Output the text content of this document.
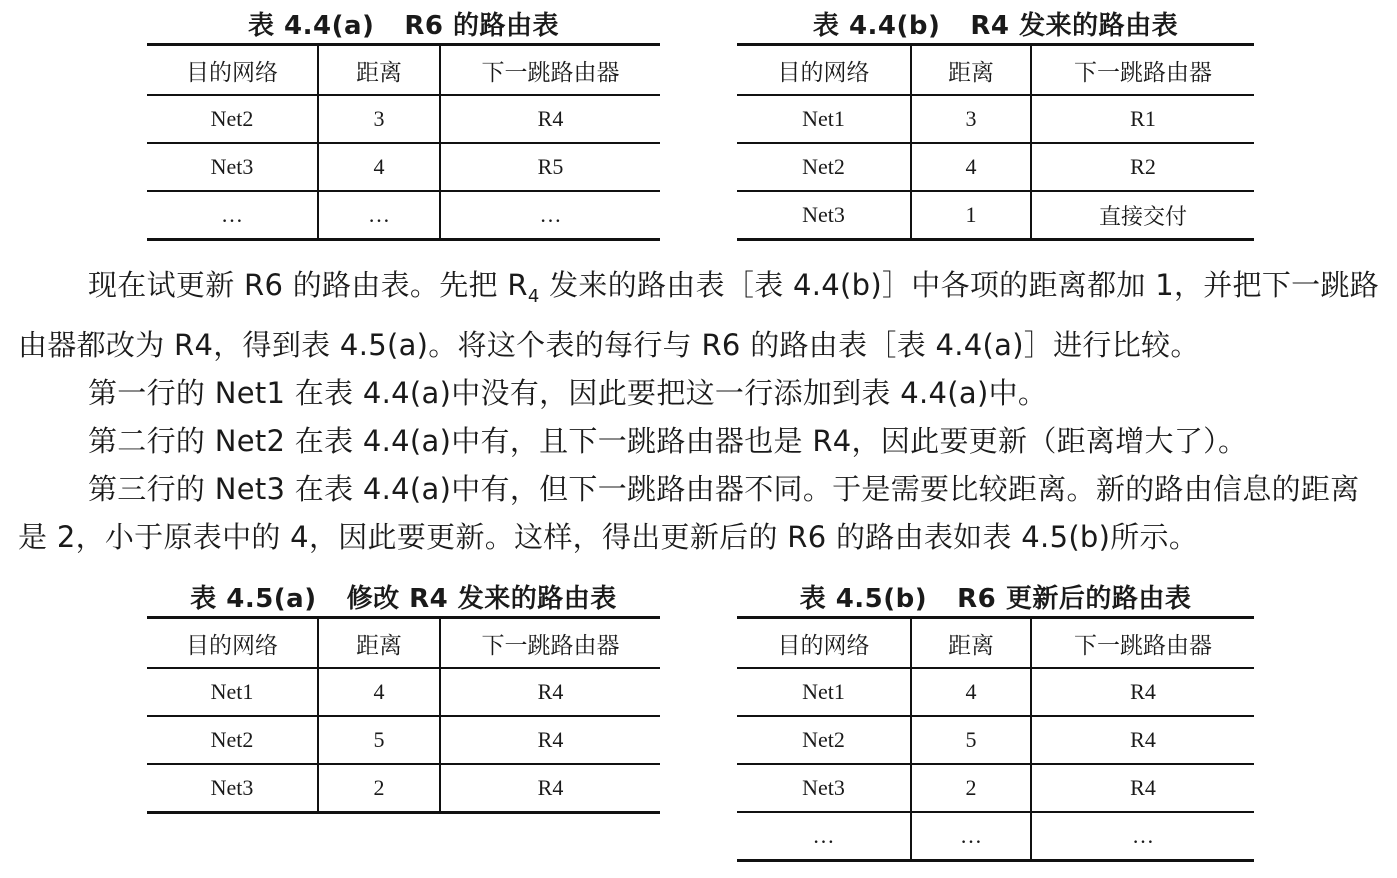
表 4.4(a) R6 的路由表
目的网络	距离	下一跳路由器
Net2	3	R4
Net3	4	R5
…	…	…
表 4.4(b) R4 发来的路由表
目的网络	距离	下一跳路由器
Net1	3	R1
Net2	4	R2
Net3	1	直接交付

现在试更新 R6 的路由表。先把 $R_4$ 发来的路由表［表 4.4(b)］中各项的距离都加 1，并把下一跳路由器都改为 R4，得到表 4.5(a)。将这个表的每行与 R6 的路由表［表 4.4(a)］进行比较。

第一行的 Net1 在表 4.4(a)中没有，因此要把这一行添加到表 4.4(a)中。

第二行的 Net2 在表 4.4(a)中有，且下一跳路由器也是 R4，因此要更新（距离增大了）。

第三行的 Net3 在表 4.4(a)中有，但下一跳路由器不同。于是需要比较距离。新的路由信息的距离是 2，小于原表中的 4，因此要更新。这样，得出更新后的 R6 的路由表如表 4.5(b)所示。

表 4.5(a) 修改 R4 发来的路由表
目的网络	距离	下一跳路由器
Net1	4	R4
Net2	5	R4
Net3	2	R4
表 4.5(b) R6 更新后的路由表
目的网络	距离	下一跳路由器
Net1	4	R4
Net2	5	R4
Net3	2	R4
…	…	…
